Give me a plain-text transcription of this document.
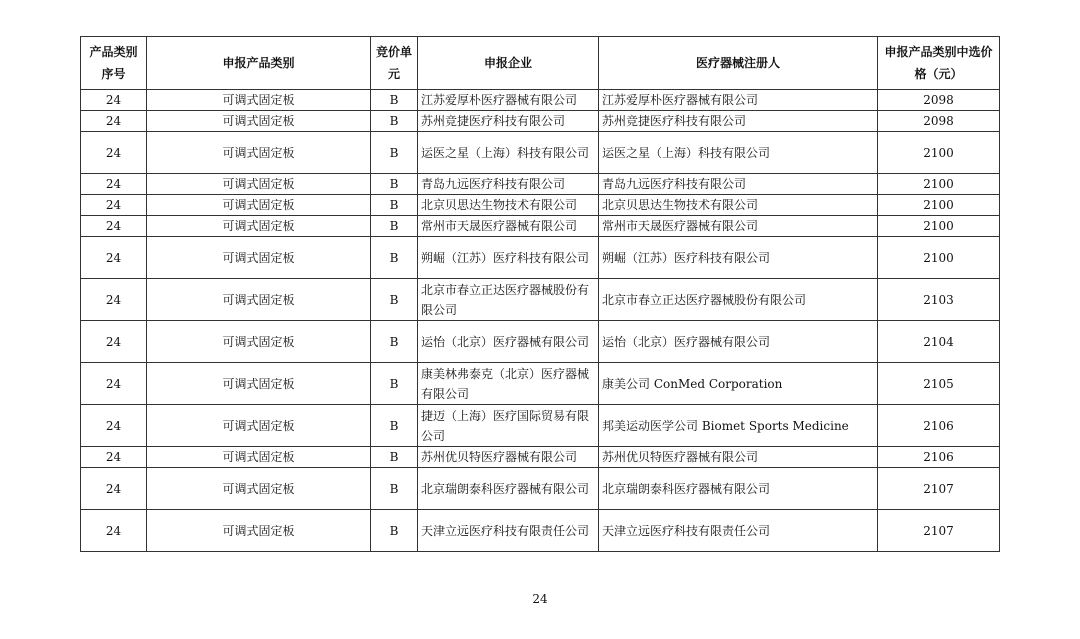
产品类别序号	申报产品类别	竞价单元	申报企业	医疗器械注册人	申报产品类别中选价格（元）
24	可调式固定板	B	江苏爱厚朴医疗器械有限公司	江苏爱厚朴医疗器械有限公司	2098
24	可调式固定板	B	苏州竞捷医疗科技有限公司	苏州竞捷医疗科技有限公司	2098
24	可调式固定板	B	运医之星（上海）科技有限公司	运医之星（上海）科技有限公司	2100
24	可调式固定板	B	青岛九远医疗科技有限公司	青岛九远医疗科技有限公司	2100
24	可调式固定板	B	北京贝思达生物技术有限公司	北京贝思达生物技术有限公司	2100
24	可调式固定板	B	常州市天晟医疗器械有限公司	常州市天晟医疗器械有限公司	2100
24	可调式固定板	B	朔崛（江苏）医疗科技有限公司	朔崛（江苏）医疗科技有限公司	2100
24	可调式固定板	B	北京市春立正达医疗器械股份有限公司	北京市春立正达医疗器械股份有限公司	2103
24	可调式固定板	B	运怡（北京）医疗器械有限公司	运怡（北京）医疗器械有限公司	2104
24	可调式固定板	B	康美林弗泰克（北京）医疗器械有限公司	康美公司 ConMed Corporation	2105
24	可调式固定板	B	捷迈（上海）医疗国际贸易有限公司	邦美运动医学公司 Biomet Sports Medicine	2106
24	可调式固定板	B	苏州优贝特医疗器械有限公司	苏州优贝特医疗器械有限公司	2106
24	可调式固定板	B	北京瑞朗泰科医疗器械有限公司	北京瑞朗泰科医疗器械有限公司	2107
24	可调式固定板	B	天津立远医疗科技有限责任公司	天津立远医疗科技有限责任公司	2107
24
